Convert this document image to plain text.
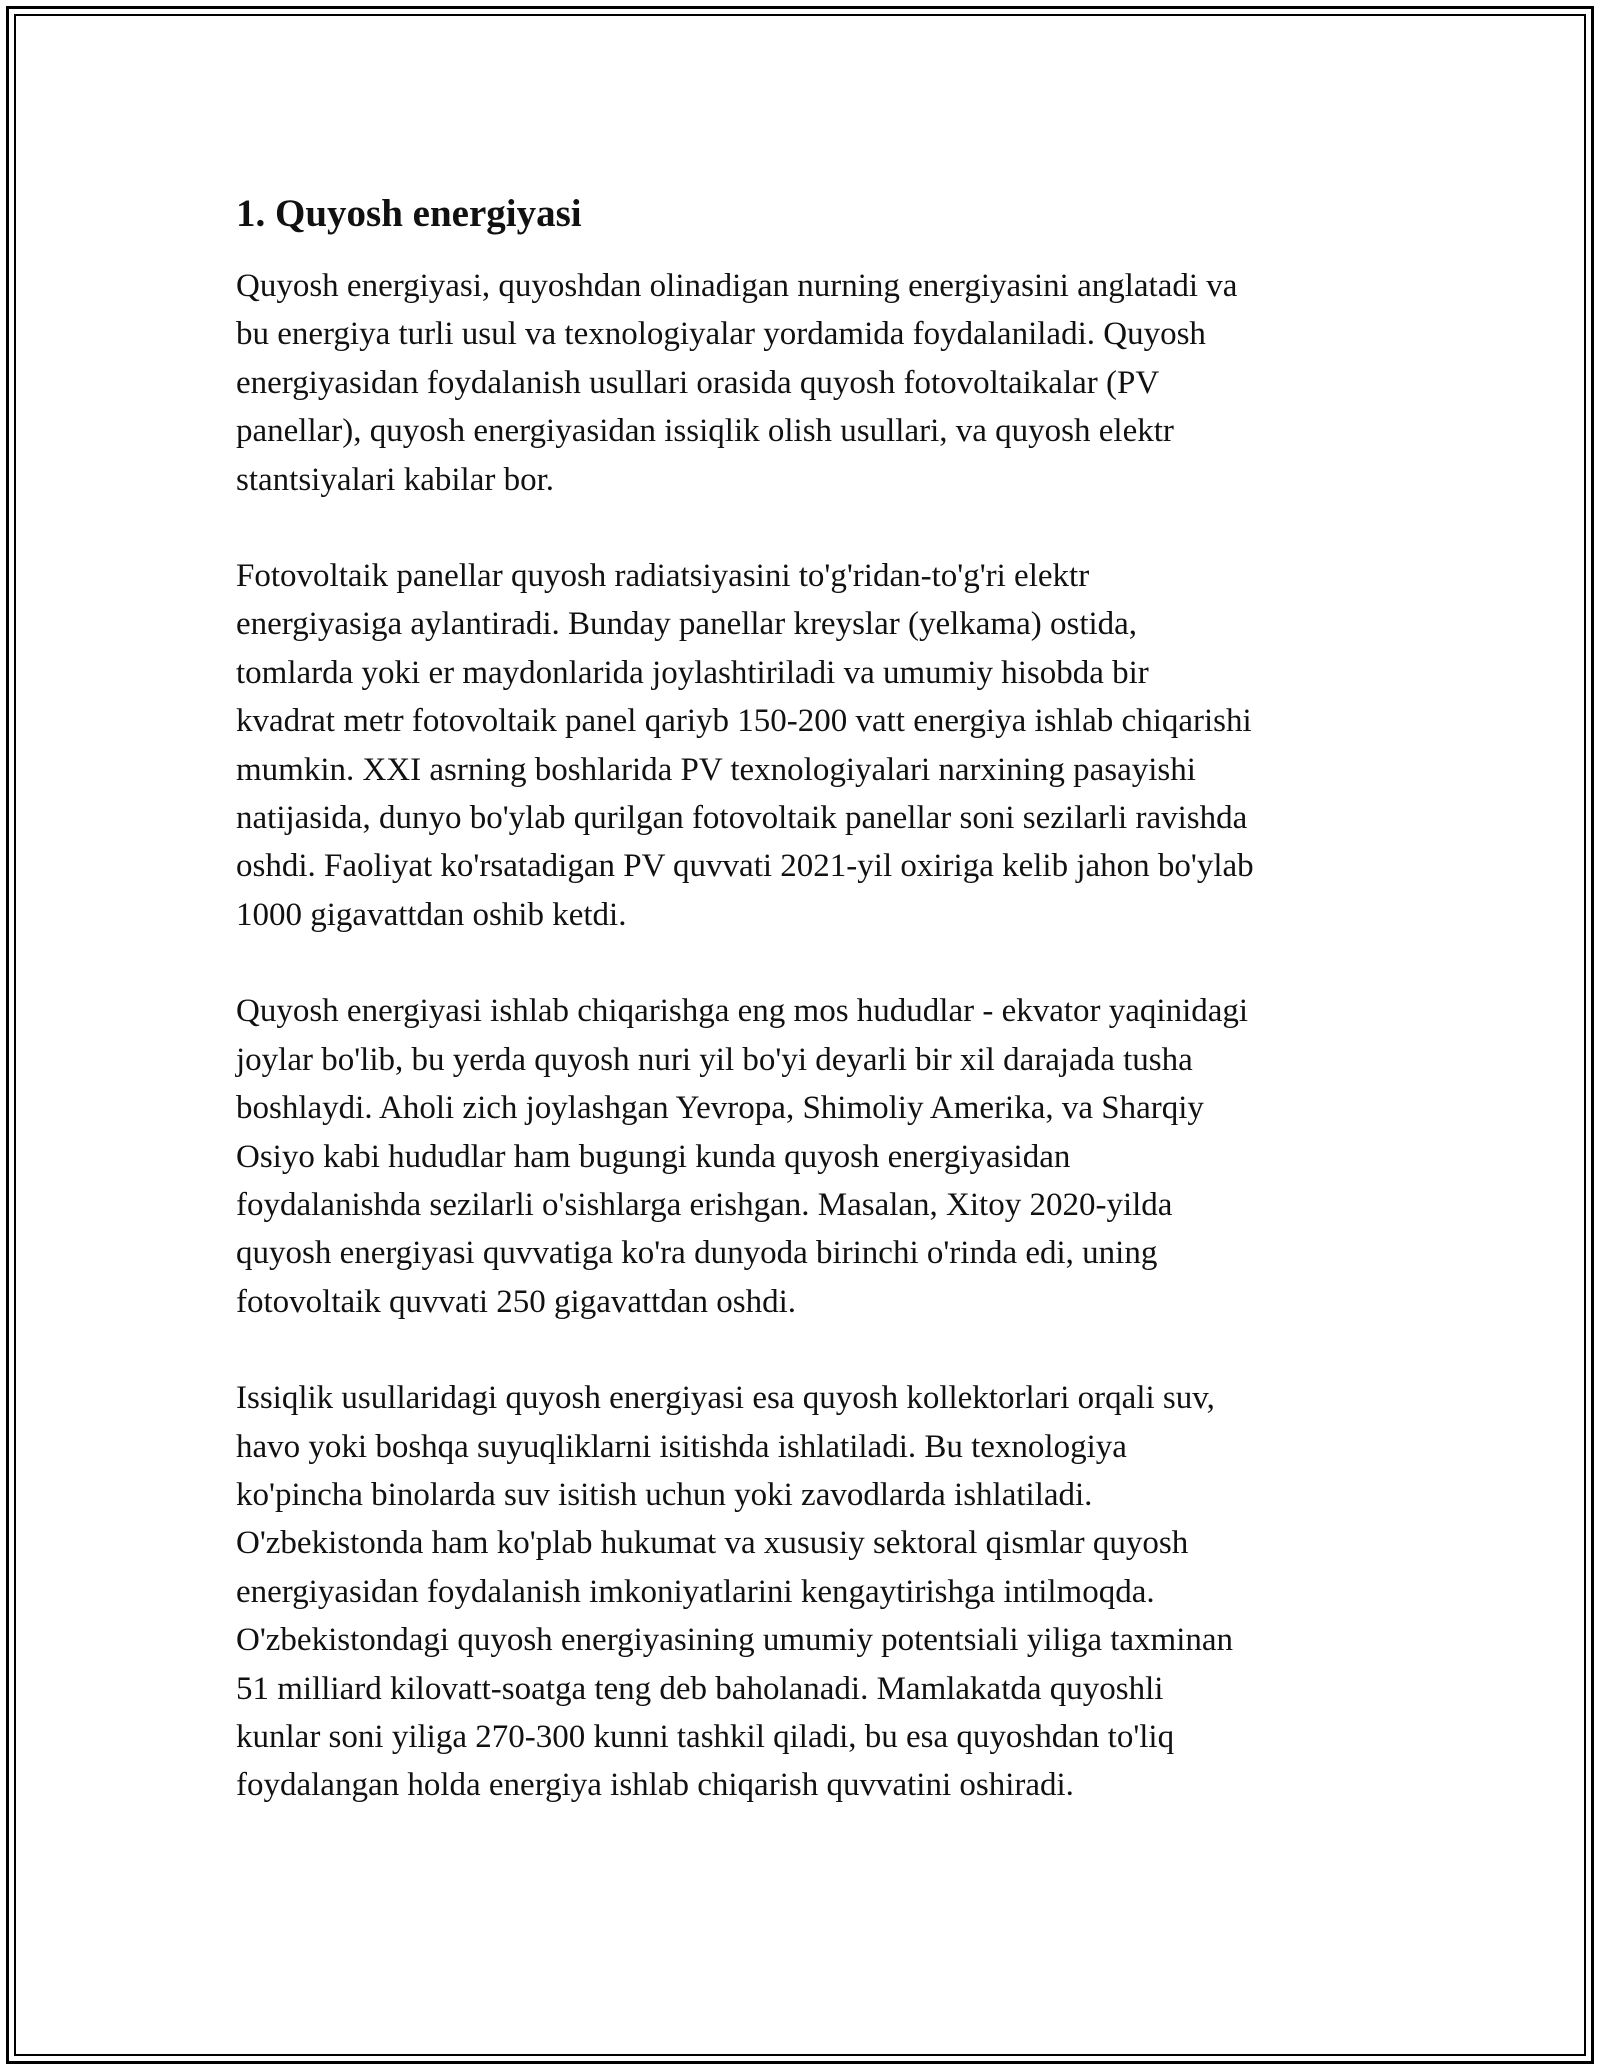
1. Quyosh energiyasi

Quyosh energiyasi, quyoshdan olinadigan nurning energiyasini anglatadi va
bu energiya turli usul va texnologiyalar yordamida foydalaniladi. Quyosh
energiyasidan foydalanish usullari orasida quyosh fotovoltaikalar (PV
panellar), quyosh energiyasidan issiqlik olish usullari, va quyosh elektr
stantsiyalari kabilar bor.

Fotovoltaik panellar quyosh radiatsiyasini to'g'ridan-to'g'ri elektr
energiyasiga aylantiradi. Bunday panellar kreyslar (yelkama) ostida,
tomlarda yoki er maydonlarida joylashtiriladi va umumiy hisobda bir
kvadrat metr fotovoltaik panel qariyb 150-200 vatt energiya ishlab chiqarishi
mumkin. XXI asrning boshlarida PV texnologiyalari narxining pasayishi
natijasida, dunyo bo'ylab qurilgan fotovoltaik panellar soni sezilarli ravishda
oshdi. Faoliyat ko'rsatadigan PV quvvati 2021-yil oxiriga kelib jahon bo'ylab
1000 gigavattdan oshib ketdi.

Quyosh energiyasi ishlab chiqarishga eng mos hududlar - ekvator yaqinidagi
joylar bo'lib, bu yerda quyosh nuri yil bo'yi deyarli bir xil darajada tusha
boshlaydi. Aholi zich joylashgan Yevropa, Shimoliy Amerika, va Sharqiy
Osiyo kabi hududlar ham bugungi kunda quyosh energiyasidan
foydalanishda sezilarli o'sishlarga erishgan. Masalan, Xitoy 2020-yilda
quyosh energiyasi quvvatiga ko'ra dunyoda birinchi o'rinda edi, uning
fotovoltaik quvvati 250 gigavattdan oshdi.

Issiqlik usullaridagi quyosh energiyasi esa quyosh kollektorlari orqali suv,
havo yoki boshqa suyuqliklarni isitishda ishlatiladi. Bu texnologiya
ko'pincha binolarda suv isitish uchun yoki zavodlarda ishlatiladi.
O'zbekistonda ham ko'plab hukumat va xususiy sektoral qismlar quyosh
energiyasidan foydalanish imkoniyatlarini kengaytirishga intilmoqda.
O'zbekistondagi quyosh energiyasining umumiy potentsiali yiliga taxminan
51 milliard kilovatt-soatga teng deb baholanadi. Mamlakatda quyoshli
kunlar soni yiliga 270-300 kunni tashkil qiladi, bu esa quyoshdan to'liq
foydalangan holda energiya ishlab chiqarish quvvatini oshiradi.
